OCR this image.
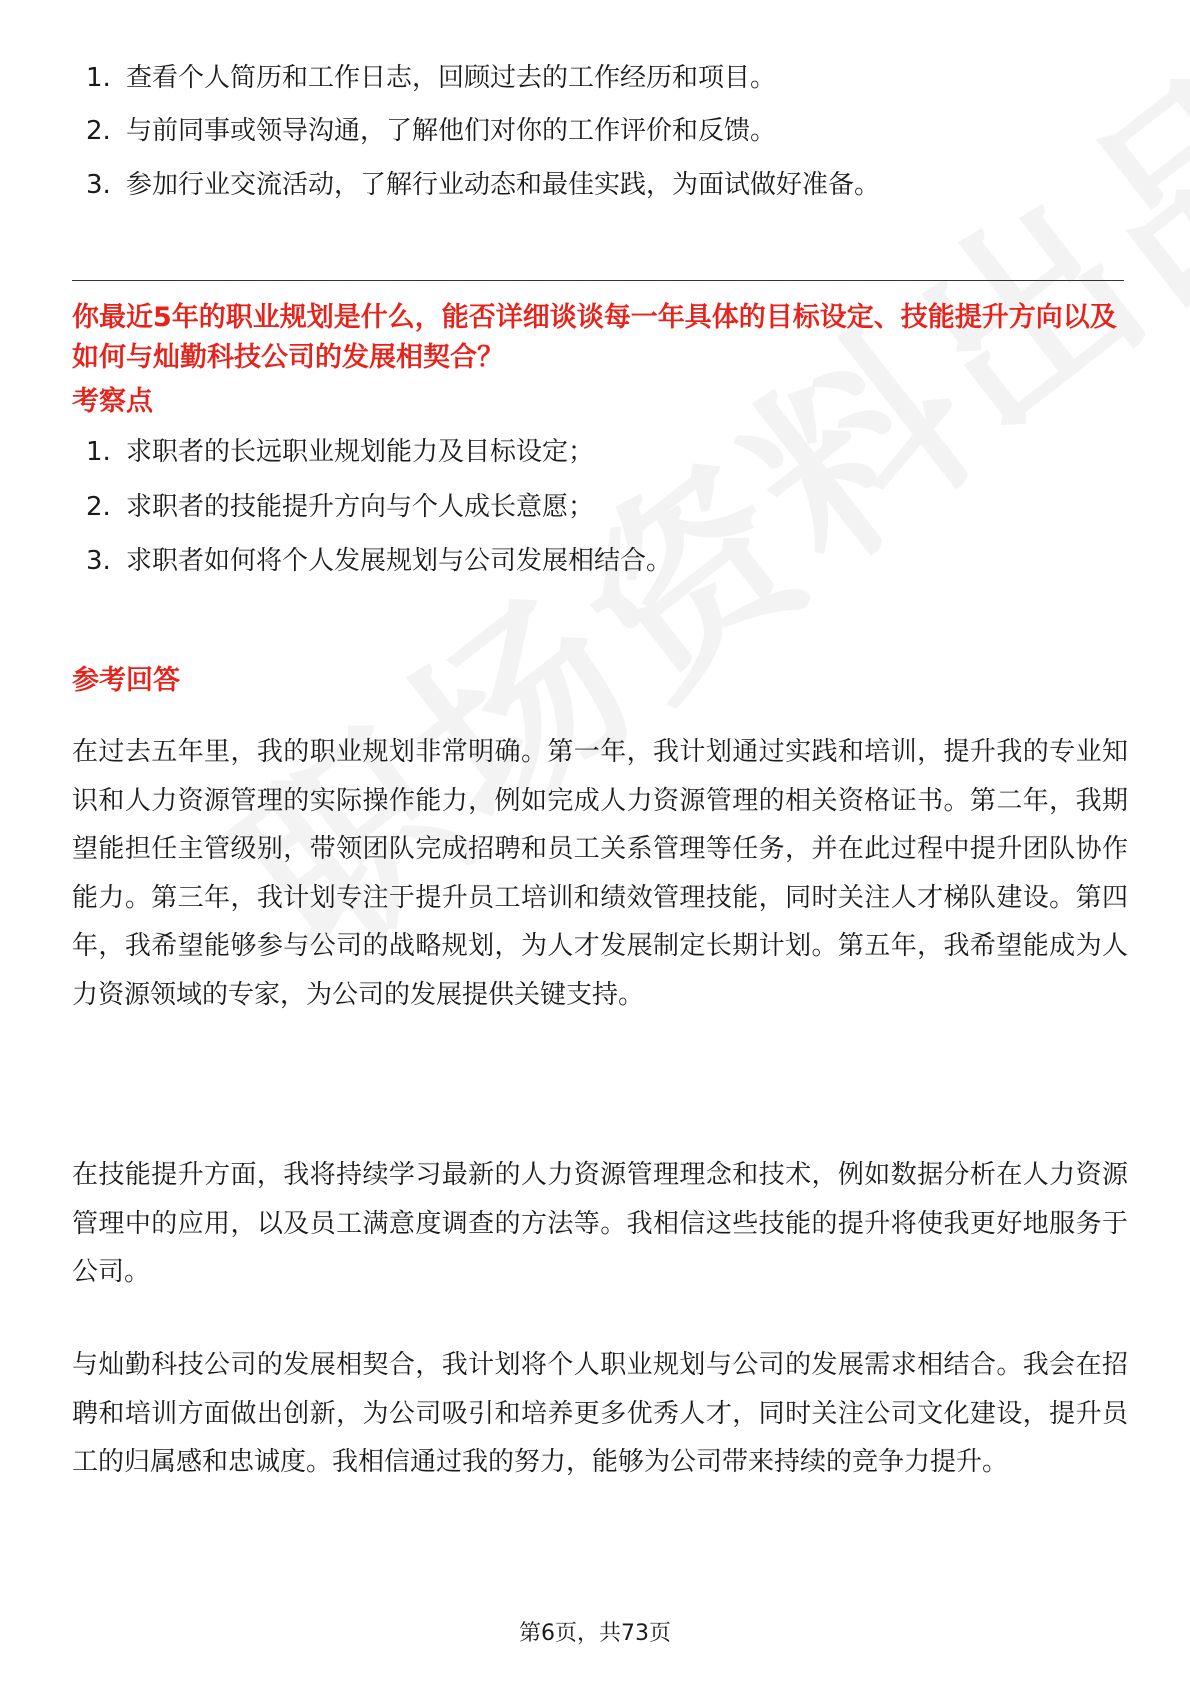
1. 查看个人简历和工作日志，回顾过去的工作经历和项目。
2. 与前同事或领导沟通，了解他们对你的工作评价和反馈。
3. 参加行业交流活动，了解行业动态和最佳实践，为面试做好准备。
你最近5年的职业规划是什么，能否详细谈谈每一年具体的目标设定、技能提升方向以及如何与灿勤科技公司的发展相契合？
考察点
1. 求职者的长远职业规划能力及目标设定；
2. 求职者的技能提升方向与个人成长意愿；
3. 求职者如何将个人发展规划与公司发展相结合。
参考回答

在过去五年里，我的职业规划非常明确。第一年，我计划通过实践和培训，提升我的专业知识和人力资源管理的实际操作能力，例如完成人力资源管理的相关资格证书。第二年，我期望能担任主管级别，带领团队完成招聘和员工关系管理等任务，并在此过程中提升团队协作能力。第三年，我计划专注于提升员工培训和绩效管理技能，同时关注人才梯队建设。第四年，我希望能够参与公司的战略规划，为人才发展制定长期计划。第五年，我希望能成为人力资源领域的专家，为公司的发展提供关键支持。

在技能提升方面，我将持续学习最新的人力资源管理理念和技术，例如数据分析在人力资源管理中的应用，以及员工满意度调查的方法等。我相信这些技能的提升将使我更好地服务于公司。

与灿勤科技公司的发展相契合，我计划将个人职业规划与公司的发展需求相结合。我会在招聘和培训方面做出创新，为公司吸引和培养更多优秀人才，同时关注公司文化建设，提升员工的归属感和忠诚度。我相信通过我的努力，能够为公司带来持续的竞争力提升。

第6页，共73页
